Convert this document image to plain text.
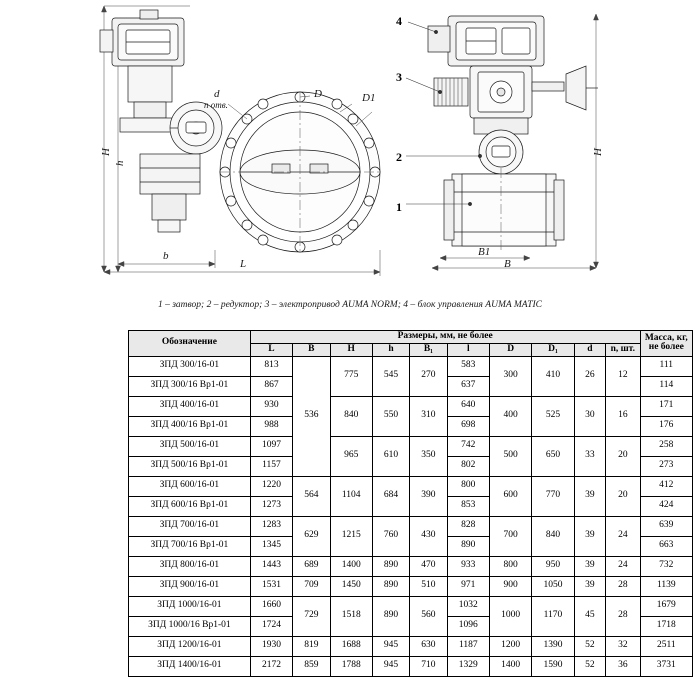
H
h
b
L
D	D1
d
n отв.
B
B1
H
1
2
3
4
1 – затвор; 2 – редуктор; 3 – электропривод AUMA NORM; 4 – блок управления AUMA MATIC
Обозначение	Размеры, мм, не более										Масса, кг, не более
	L	B	H	h	B₁	l	D	D₁	d	n, шт.	
ЗПД 300/16-01	813	536	775	545	270	583	300	410	26	12	111
ЗПД 300/16 Вр1-01	867					637					114
ЗПД 400/16-01	930		840	550	310	640	400	525	30	16	171
ЗПД 400/16 Вр1-01	988					698					176
ЗПД 500/16-01	1097		965	610	350	742	500	650	33	20	258
ЗПД 500/16 Вр1-01	1157					802					273
ЗПД 600/16-01	1220	564	1104	684	390	800	600	770	39	20	412
ЗПД 600/16 Вр1-01	1273					853					424
ЗПД 700/16-01	1283	629	1215	760	430	828	700	840	39	24	639
ЗПД 700/16 Вр1-01	1345					890					663
ЗПД 800/16-01	1443	689	1400	890	470	933	800	950	39	24	732
ЗПД 900/16-01	1531	709	1450	890	510	971	900	1050	39	28	1139
ЗПД 1000/16-01	1660	729	1518	890	560	1032	1000	1170	45	28	1679
ЗПД 1000/16 Вр1-01	1724					1096					1718
ЗПД 1200/16-01	1930	819	1688	945	630	1187	1200	1390	52	32	2511
ЗПД 1400/16-01	2172	859	1788	945	710	1329	1400	1590	52	36	3731
